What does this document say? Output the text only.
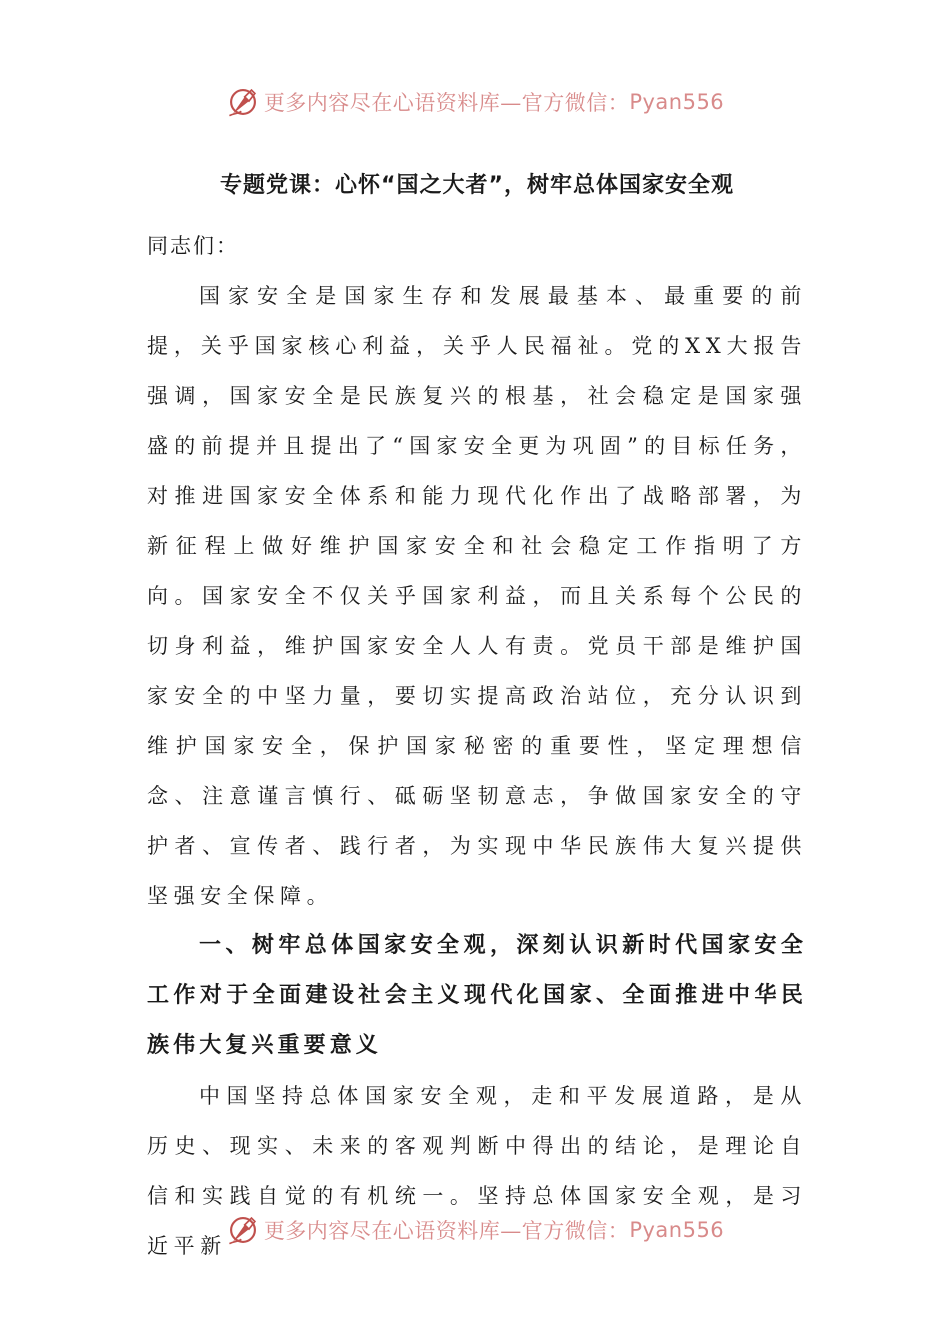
更多内容尽在心语资料库—官方微信： Pyan556
专题党课：心怀“国之大者”，树牢总体国家安全观

同志们：

国家安全是国家生存和发展最基本、最重要的前提，关乎国家核心利益，关乎人民福祉。党的XX大报告强调，国家安全是民族复兴的根基，社会稳定是国家强盛的前提并且提出了“国家安全更为巩固”的目标任务，对推进国家安全体系和能力现代化作出了战略部署，为新征程上做好维护国家安全和社会稳定工作指明了方向。国家安全不仅关乎国家利益，而且关系每个公民的切身利益，维护国家安全人人有责。党员干部是维护国家安全的中坚力量，要切实提高政治站位，充分认识到维护国家安全，保护国家秘密的重要性，坚定理想信念、注意谨言慎行、砥砺坚韧意志，争做国家安全的守护者、宣传者、践行者，为实现中华民族伟大复兴提供坚强安全保障。

一、树牢总体国家安全观，深刻认识新时代国家安全工作对于全面建设社会主义现代化国家、全面推进中华民族伟大复兴重要意义

中国坚持总体国家安全观，走和平发展道路，是从历史、现实、未来的客观判断中得出的结论，是理论自信和实践自觉的有机统一。坚持总体国家安全观，是习近平新

更多内容尽在心语资料库—官方微信： Pyan556
